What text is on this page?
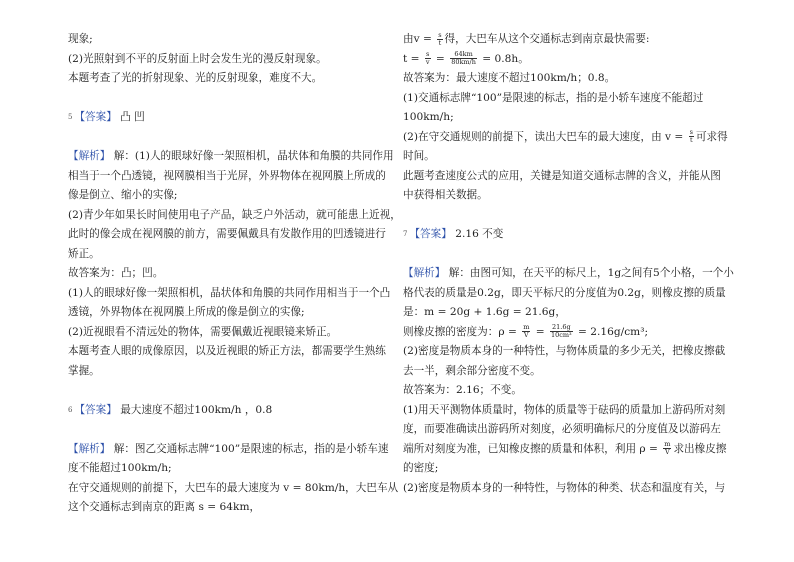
现象;
(2)光照射到不平的反射面上时会发生光的漫反射现象。
本题考查了光的折射现象、光的反射现象，难度不大。
5 【答案】 凸 凹
【解析】 解：(1)人的眼球好像一架照相机，晶状体和角膜的共同作用
相当于一个凸透镜，视网膜相当于光屏，外界物体在视网膜上所成的
像是倒立、缩小的实像;
(2)青少年如果长时间使用电子产品，缺乏户外活动，就可能患上近视，
此时的像会成在视网膜的前方，需要佩戴具有发散作用的凹透镜进行
矫正。
故答案为：凸；凹。
(1)人的眼球好像一架照相机，晶状体和角膜的共同作用相当于一个凸
透镜，外界物体在视网膜上所成的像是倒立的实像;
(2)近视眼看不清远处的物体，需要佩戴近视眼镜来矫正。
本题考查人眼的成像原因，以及近视眼的矫正方法，都需要学生熟练
掌握。
6 【答案】 最大速度不超过100km/h ，0.8
【解析】 解：图乙交通标志牌“100”是限速的标志，指的是小轿车速
度不能超过100km/h;
在守交通规则的前提下，大巴车的最大速度为 v = 80km/h，大巴车从
这个交通标志到南京的距离 s = 64km，
由$v = \frac{s}{t}$ 得，大巴车从这个交通标志到南京最快需要:
$t = \frac{s}{v} = \frac{64km}{80km/h} = 0.8h$。
故答案为：最大速度不超过100km/h；0.8。
(1)交通标志牌“100”是限速的标志，指的是小轿车速度不能超过
100km/h;
(2)在守交通规则的前提下，读出大巴车的最大速度，由 $v = \frac{s}{t}$ 可求得
时间。
此题考查速度公式的应用，关键是知道交通标志牌的含义，并能从图
中获得相关数据。
7 【答案】 2.16 不变
【解析】 解：由图可知，在天平的标尺上，1g之间有5个小格，一个小
格代表的质量是0.2g，即天平标尺的分度值为0.2g，则橡皮擦的质量
是：m = 20g + 1.6g = 21.6g，
则橡皮擦的密度为：$\rho = \frac{m}{V} = \frac{21.6g}{\text{10cm³}} = 2.16g/cm^3$;
(2)密度是物质本身的一种特性，与物体质量的多少无关，把橡皮擦截
去一半，剩余部分密度不变。
故答案为：2.16；不变。
(1)用天平测物体质量时，物体的质量等于砝码的质量加上游码所对刻
度，而要准确读出游码所对刻度，必须明确标尺的分度值及以游码左
端所对刻度为准，已知橡皮擦的质量和体积，利用 $\rho = \frac{m}{V}$ 求出橡皮擦
的密度;
(2)密度是物质本身的一种特性，与物体的种类、状态和温度有关，与
